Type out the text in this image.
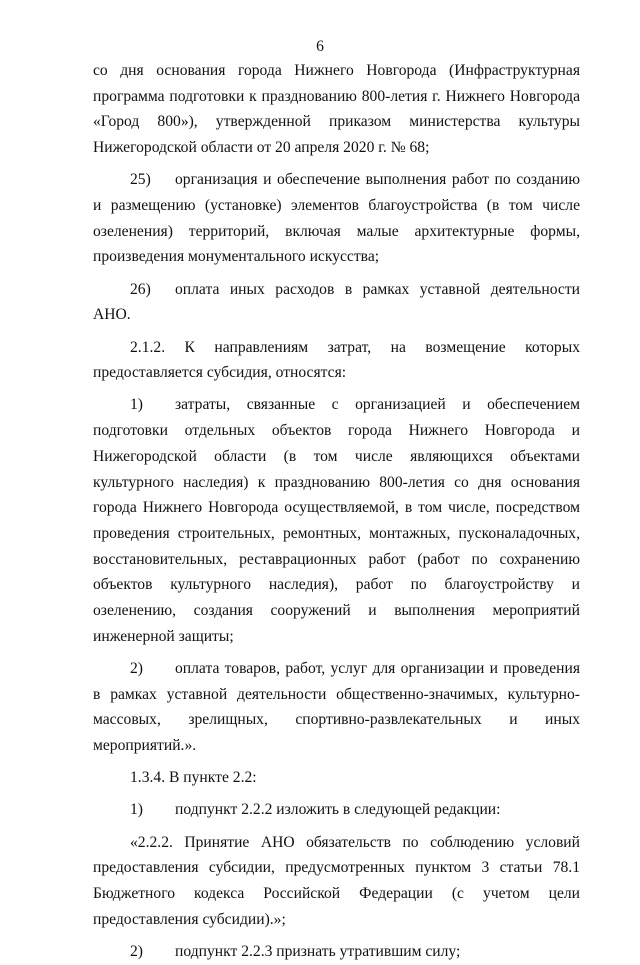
6

со дня основания города Нижнего Новгорода (Инфраструктурная программа подготовки к празднованию 800-летия г. Нижнего Новгорода «Город 800»), утвержденной приказом министерства культуры Нижегородской области от 20 апреля 2020 г. № 68;

25) организация и обеспечение выполнения работ по созданию и размещению (установке) элементов благоустройства (в том числе озеленения) территорий, включая малые архитектурные формы, произведения монументального искусства;

26) оплата иных расходов в рамках уставной деятельности АНО.

2.1.2. К направлениям затрат, на возмещение которых предоставляется субсидия, относятся:

1) затраты, связанные с организацией и обеспечением подготовки отдельных объектов города Нижнего Новгорода и Нижегородской области (в том числе являющихся объектами культурного наследия) к празднованию 800-летия со дня основания города Нижнего Новгорода осуществляемой, в том числе, посредством проведения строительных, ремонтных, монтажных, пусконаладочных, восстановительных, реставрационных работ (работ по сохранению объектов культурного наследия), работ по благоустройству и озеленению, создания сооружений и выполнения мероприятий инженерной защиты;

2) оплата товаров, работ, услуг для организации и проведения в рамках уставной деятельности общественно-значимых, культурно-массовых, зрелищных, спортивно-развлекательных и иных мероприятий.».

1.3.4. В пункте 2.2:

1) подпункт 2.2.2 изложить в следующей редакции:

«2.2.2. Принятие АНО обязательств по соблюдению условий предоставления субсидии, предусмотренных пунктом 3 статьи 78.1 Бюджетного кодекса Российской Федерации (с учетом цели предоставления субсидии).»;

2) подпункт 2.2.3 признать утратившим силу;
